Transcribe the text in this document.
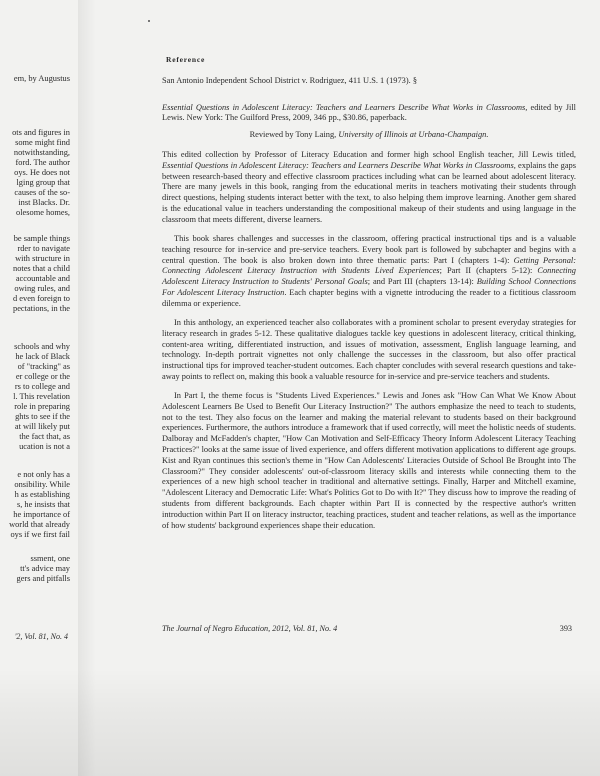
'2, Vol. 81, No. 4
em, by Augustus
ots and figures in
some might find
notwithstanding,
ford. The author
oys. He does not
lging group that
causes of the so-
inst Blacks. Dr.
olesome homes,
be sample things
rder to navigate
with structure in
notes that a child
accountable and
owing rules, and
d even foreign to
pectations, in the
schools and why
he lack of Black
of "tracking" as
er college or the
rs to college and
l. This revelation
role in preparing
ghts to see if the
at will likely put
the fact that, as
ucation is not a
e not only has a
onsibility. While
h as establishing
s, he insists that
he importance of
world that already
oys if we first fail
ssment, one
tt's advice may
gers and pitfalls
Reference
San Antonio Independent School District v. Rodriguez, 411 U.S. 1 (1973). §
Essential Questions in Adolescent Literacy: Teachers and Learners Describe What Works in Classrooms, edited by Jill Lewis. New York: The Guilford Press, 2009, 346 pp., $30.86, paperback.
Reviewed by Tony Laing, University of Illinois at Urbana-Champaign.

This edited collection by Professor of Literacy Education and former high school English teacher, Jill Lewis titled, Essential Questions in Adolescent Literacy: Teachers and Learners Describe What Works in Classrooms, explains the gaps between research-based theory and effective classroom practices including what can be learned about adolescent literacy. There are many jewels in this book, ranging from the educational merits in teachers motivating their students through direct questions, helping students interact better with the text, to also helping them improve learning. Another gem shared is the educational value in teachers understanding the compositional makeup of their students and using language in the classroom that meets different, diverse learners.

This book shares challenges and successes in the classroom, offering practical instructional tips and is a valuable teaching resource for in-service and pre-service teachers. Every book part is followed by subchapter and begins with a central question. The book is also broken down into three thematic parts: Part I (chapters 1-4): Getting Personal: Connecting Adolescent Literacy Instruction with Students Lived Experiences; Part II (chapters 5-12): Connecting Adolescent Literacy Instruction to Students' Personal Goals; and Part III (chapters 13-14): Building School Connections For Adolescent Literacy Instruction. Each chapter begins with a vignette introducing the reader to a fictitious classroom dilemma or experience.

In this anthology, an experienced teacher also collaborates with a prominent scholar to present everyday strategies for literacy research in grades 5-12. These qualitative dialogues tackle key questions in adolescent literacy, critical thinking, content-area writing, differentiated instruction, and issues of motivation, assessment, English language learning, and technology. In-depth portrait vignettes not only challenge the successes in the classroom, but also offer practical instructional tips for improved teacher-student outcomes. Each chapter concludes with several research questions and take-away points to reflect on, making this book a valuable resource for in-service and pre-service teachers and students.

In Part I, the theme focus is "Students Lived Experiences." Lewis and Jones ask "How Can What We Know About Adolescent Learners Be Used to Benefit Our Literacy Instruction?" The authors emphasize the need to teach to students, not to the test. They also focus on the learner and making the material relevant to students based on their background experiences. Furthermore, the authors introduce a framework that if used correctly, will meet the holistic needs of students. Dalboray and McFadden's chapter, "How Can Motivation and Self-Efficacy Theory Inform Adolescent Literacy Teaching Practices?" looks at the same issue of lived experience, and offers different motivation applications to different age groups. Kist and Ryan continues this section's theme in "How Can Adolescents' Literacies Outside of School Be Brought into The Classroom?" They consider adolescents' out-of-classroom literacy skills and interests while connecting them to the experiences of a new high school teacher in traditional and alternative settings. Finally, Harper and Mitchell examine, "Adolescent Literacy and Democratic Life: What's Politics Got to Do with It?" They discuss how to improve the reading of students from different backgrounds. Each chapter within Part II is connected by the respective author's written introduction within Part II on literacy instructor, teaching practices, student and teacher relations, as well as the importance of how students' background experiences shape their education.

The Journal of Negro Education, 2012, Vol. 81, No. 4	393
